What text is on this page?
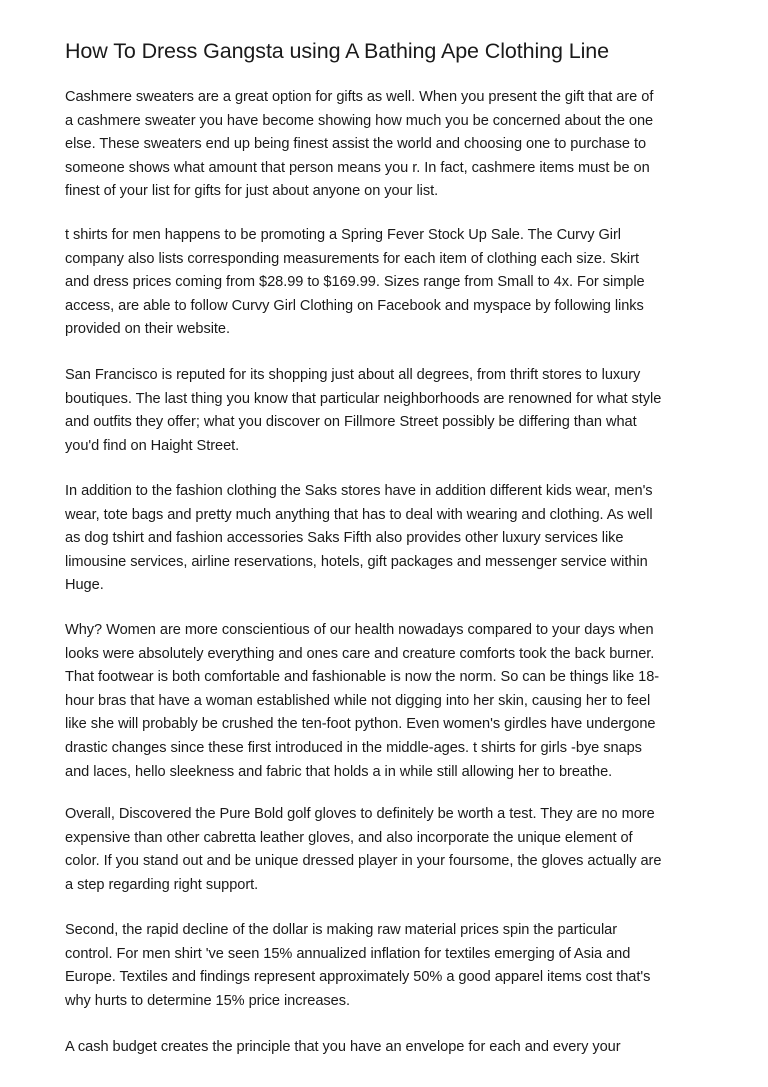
How To Dress Gangsta using A Bathing Ape Clothing Line

Cashmere sweaters are a great option for gifts as well. When you present the gift that are of
a cashmere sweater you have become showing how much you be concerned about the one
else. These sweaters end up being finest assist the world and choosing one to purchase to
someone shows what amount that person means you r. In fact, cashmere items must be on
finest of your list for gifts for just about anyone on your list.

t shirts for men happens to be promoting a Spring Fever Stock Up Sale. The Curvy Girl
company also lists corresponding measurements for each item of clothing each size. Skirt
and dress prices coming from $28.99 to $169.99. Sizes range from Small to 4x. For simple
access, are able to follow Curvy Girl Clothing on Facebook and myspace by following links
provided on their website.

San Francisco is reputed for its shopping just about all degrees, from thrift stores to luxury
boutiques. The last thing you know that particular neighborhoods are renowned for what style
and outfits they offer; what you discover on Fillmore Street possibly be differing than what
you'd find on Haight Street.

In addition to the fashion clothing the Saks stores have in addition different kids wear, men's
wear, tote bags and pretty much anything that has to deal with wearing and clothing. As well
as dog tshirt and fashion accessories Saks Fifth also provides other luxury services like
limousine services, airline reservations, hotels, gift packages and messenger service within
Huge.

Why? Women are more conscientious of our health nowadays compared to your days when
looks were absolutely everything and ones care and creature comforts took the back burner.
That footwear is both comfortable and fashionable is now the norm. So can be things like 18-
hour bras that have a woman established while not digging into her skin, causing her to feel
like she will probably be crushed the ten-foot python. Even women's girdles have undergone
drastic changes since these first introduced in the middle-ages. t shirts for girls -bye snaps
and laces, hello sleekness and fabric that holds a in while still allowing her to breathe.

Overall, Discovered the Pure Bold golf gloves to definitely be worth a test. They are no more
expensive than other cabretta leather gloves, and also incorporate the unique element of
color. If you stand out and be unique dressed player in your foursome, the gloves actually are
a step regarding right support.

Second, the rapid decline of the dollar is making raw material prices spin the particular
control. For men shirt 've seen 15% annualized inflation for textiles emerging of Asia and
Europe. Textiles and findings represent approximately 50% a good apparel items cost that's
why hurts to determine 15% price increases.

A cash budget creates the principle that you have an envelope for each and every your
